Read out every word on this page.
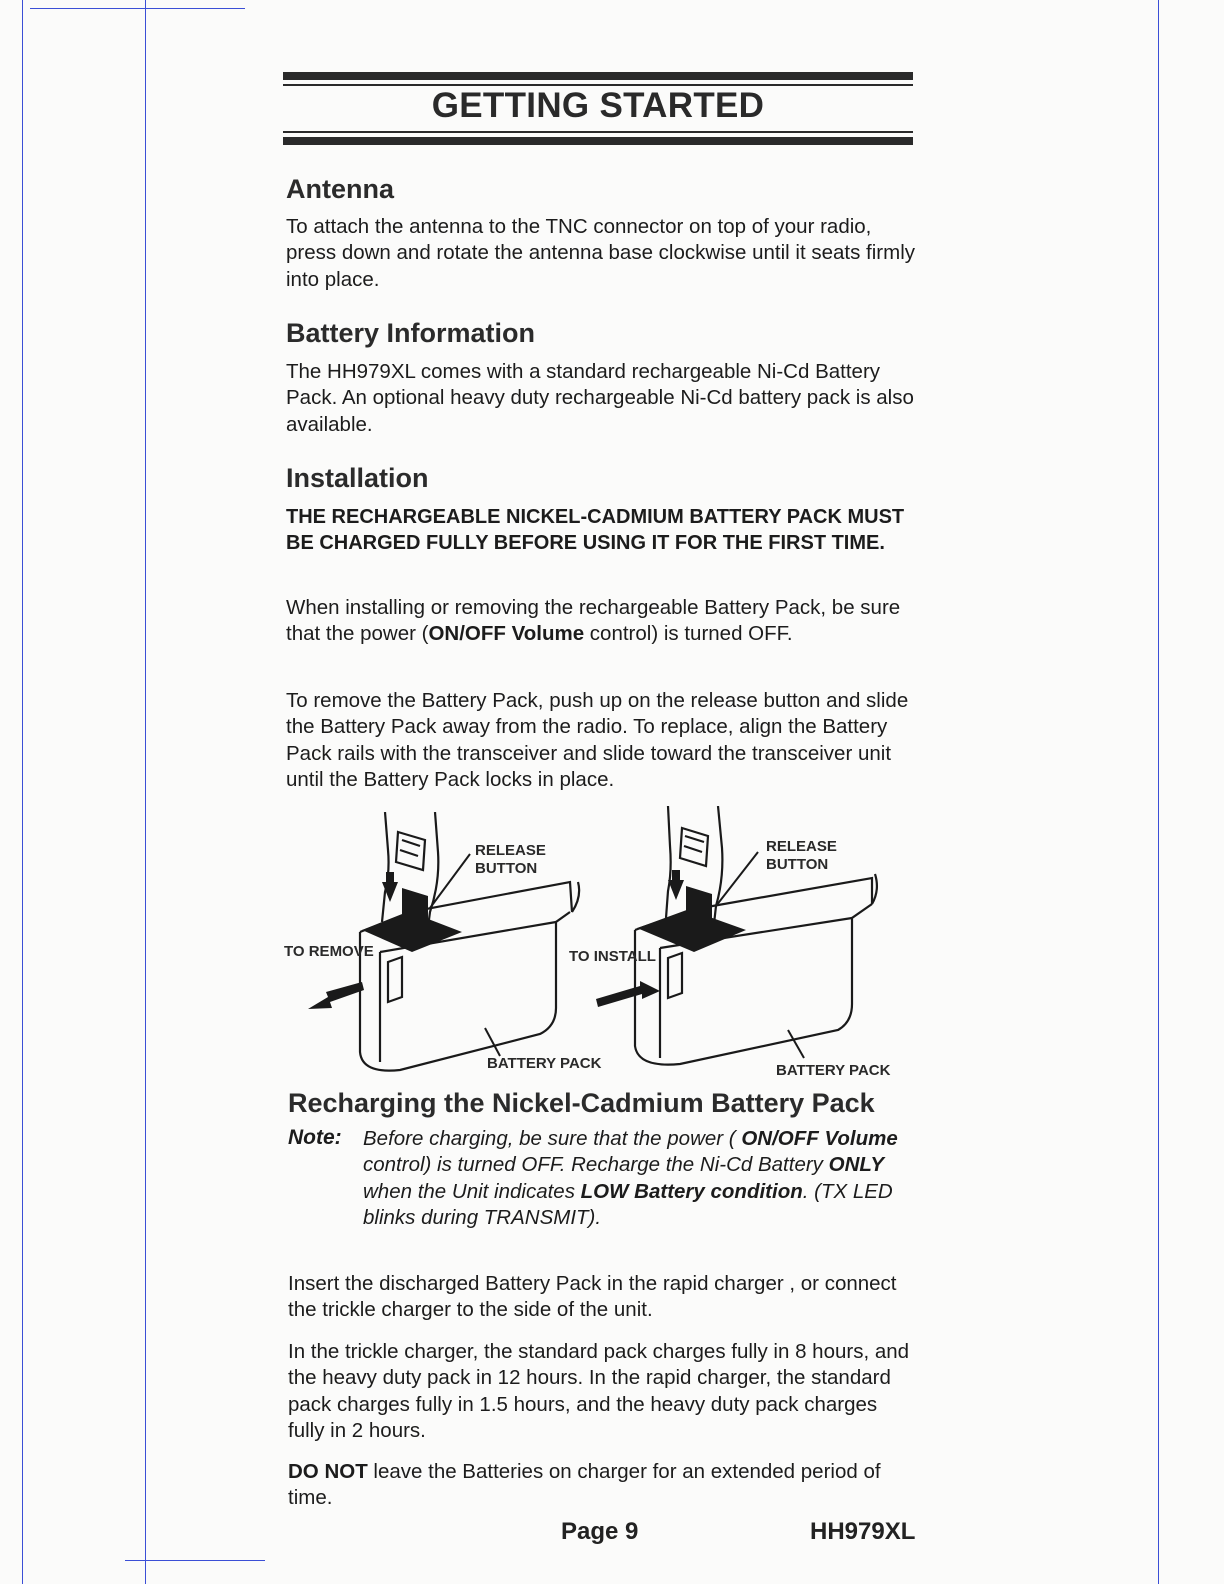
GETTING STARTED
Antenna

To attach the antenna to the TNC connector on top of your radio, press down and rotate the antenna base clockwise until it seats firmly into place.

Battery Information

The HH979XL comes with a standard rechargeable Ni-Cd Battery Pack. An optional heavy duty rechargeable Ni-Cd battery pack is also available.

Installation

THE RECHARGEABLE NICKEL-CADMIUM BATTERY PACK MUST BE CHARGED FULLY BEFORE USING IT FOR THE FIRST TIME.

When installing or removing the rechargeable Battery Pack, be sure that the power (ON/OFF Volume control) is turned OFF.

To remove the Battery Pack, push up on the release button and slide the Battery Pack away from the radio. To replace, align the Battery Pack rails with the transceiver and slide toward the transceiver unit until the Battery Pack locks in place.

RELEASE
BUTTON
TO REMOVE
BATTERY PACK
RELEASE
BUTTON
TO INSTALL
BATTERY PACK
Recharging the Nickel-Cadmium Battery Pack
Note: Before charging, be sure that the power ( ON/OFF Volume control) is turned OFF. Recharge the Ni-Cd Battery ONLY when the Unit indicates LOW Battery condition. (TX LED blinks during TRANSMIT).

Insert the discharged Battery Pack in the rapid charger , or connect the trickle charger to the side of the unit.

In the trickle charger, the standard pack charges fully in 8 hours, and the heavy duty pack in 12 hours. In the rapid charger, the standard pack charges fully in 1.5 hours, and the heavy duty pack charges fully in 2 hours.

DO NOT leave the Batteries on charger for an extended period of time.

Page 9	HH979XL
